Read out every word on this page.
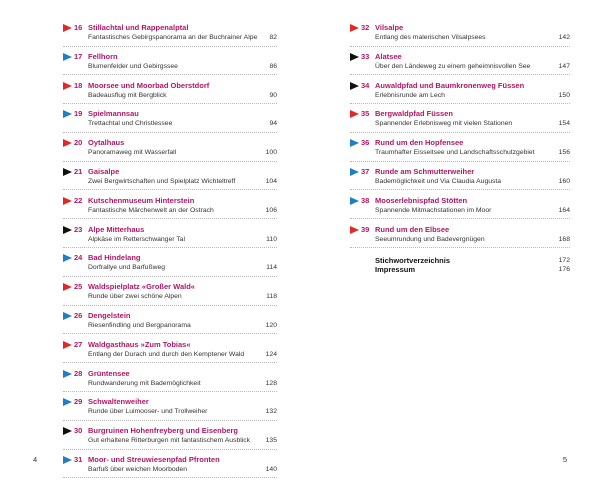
16 Stillachtal und Rappenalptal
Fantastisches Gebirgspanorama an der Buchrainer Alpe 82
17 Fellhorn
Blumenfelder und Gebirgssee	86
18 Moorsee und Moorbad Oberstdorf
Badeausflug mit Bergblick	90
19 Spielmannsau
Trettachtal und Christlessee	94
20 Oytalhaus
Panoramaweg mit Wasserfall	100
21 Gaisalpe
Zwei Bergwirtschaften und Spielplatz Wichteltreff	104
22 Kutschenmuseum Hinterstein
Fantastische Märchenwelt an der Ostrach	106
23 Alpe Mitterhaus
Alpkäse im Retterschwanger Tal	110
24 Bad Hindelang
Dorfrallye und Barfußweg	114
25 Waldspielplatz «Großer Wald«
Runde über zwei schöne Alpen	118
26 Dengelstein
Riesenfindling und Bergpanorama	120
27 Waldgasthaus »Zum Tobias«
Entlang der Durach und durch den Kemptener Wald	124
28 Grüntensee
Rundwanderung mit Bademöglichkeit	128
29 Schwaltenweiher
Runde über Luimooser- und Trollweiher	132
30 Burgruinen Hohenfreyberg und Eisenberg
Gut erhaltene Ritterburgen mit fantastischem Ausblick 135
31 Moor- und Streuwiesenpfad Pfronten
Barfuß über weichen Moorboden	140
32 Vilsalpe
Entlang des malerischen Vilsalpsees	142
33 Alatsee
Über den Ländeweg zu einem geheimnisvollen See	147
34 Auwaldpfad und Baumkronenweg Füssen
Erlebnisrunde am Lech	150
35 Bergwaldpfad Füssen
Spannender Erlebnisweg mit vielen Stationen	154
36 Rund um den Hopfensee
Traumhafter Eisseitsee und Landschaftsschutzgebiet	156
37 Runde am Schmutterweiher
Bademöglichkeit und Via Claudia Augusta	160
38 Mooserlebnispfad Stötten
Spannende Mitmachstationen im Moor	164
39 Rund um den Elbsee
Seeumrundung und Badevergnügen	168
Stichwortverzeichnis	172
Impressum	176
4	5
